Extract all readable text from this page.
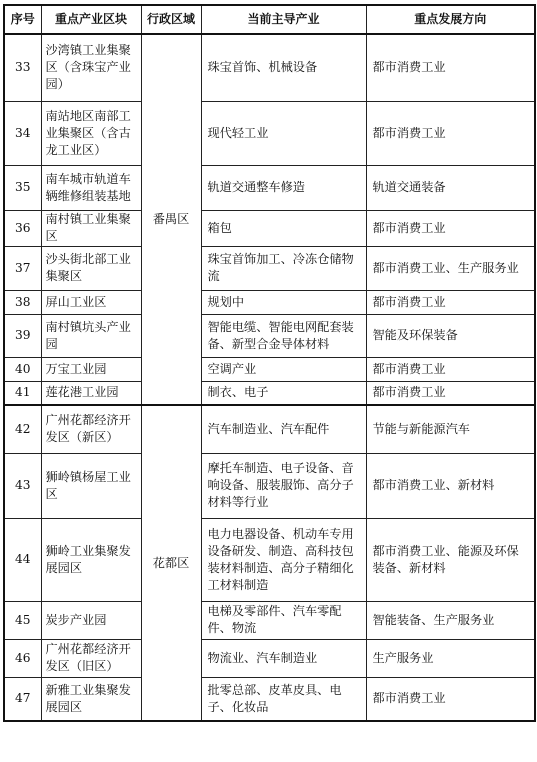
序号	重点产业区块	行政区域	当前主导产业	重点发展方向
33	沙湾镇工业集聚区（含珠宝产业园）	番禺区	珠宝首饰、机械设备	都市消费工业
34	南站地区南部工业集聚区（含古龙工业区）		现代轻工业	都市消费工业
35	南车城市轨道车辆维修组装基地		轨道交通整车修造	轨道交通装备
36	南村镇工业集聚区		箱包	都市消费工业
37	沙头街北部工业集聚区		珠宝首饰加工、冷冻仓储物流	都市消费工业、生产服务业
38	屏山工业区		规划中	都市消费工业
39	南村镇坑头产业园		智能电缆、智能电网配套装备、新型合金导体材料	智能及环保装备
40	万宝工业园		空调产业	都市消费工业
41	莲花港工业园		制衣、电子	都市消费工业
42	广州花都经济开发区（新区）	花都区	汽车制造业、汽车配件	节能与新能源汽车
43	狮岭镇杨屋工业区		摩托车制造、电子设备、音响设备、服装服饰、高分子材料等行业	都市消费工业、新材料
44	狮岭工业集聚发展园区		电力电器设备、机动车专用设备研发、制造、高科技包装材料制造、高分子精细化工材料制造	都市消费工业、能源及环保装备、新材料
45	炭步产业园		电梯及零部件、汽车零配件、物流	智能装备、生产服务业
46	广州花都经济开发区（旧区）		物流业、汽车制造业	生产服务业
47	新雅工业集聚发展园区		批零总部、皮革皮具、电子、化妆品	都市消费工业
